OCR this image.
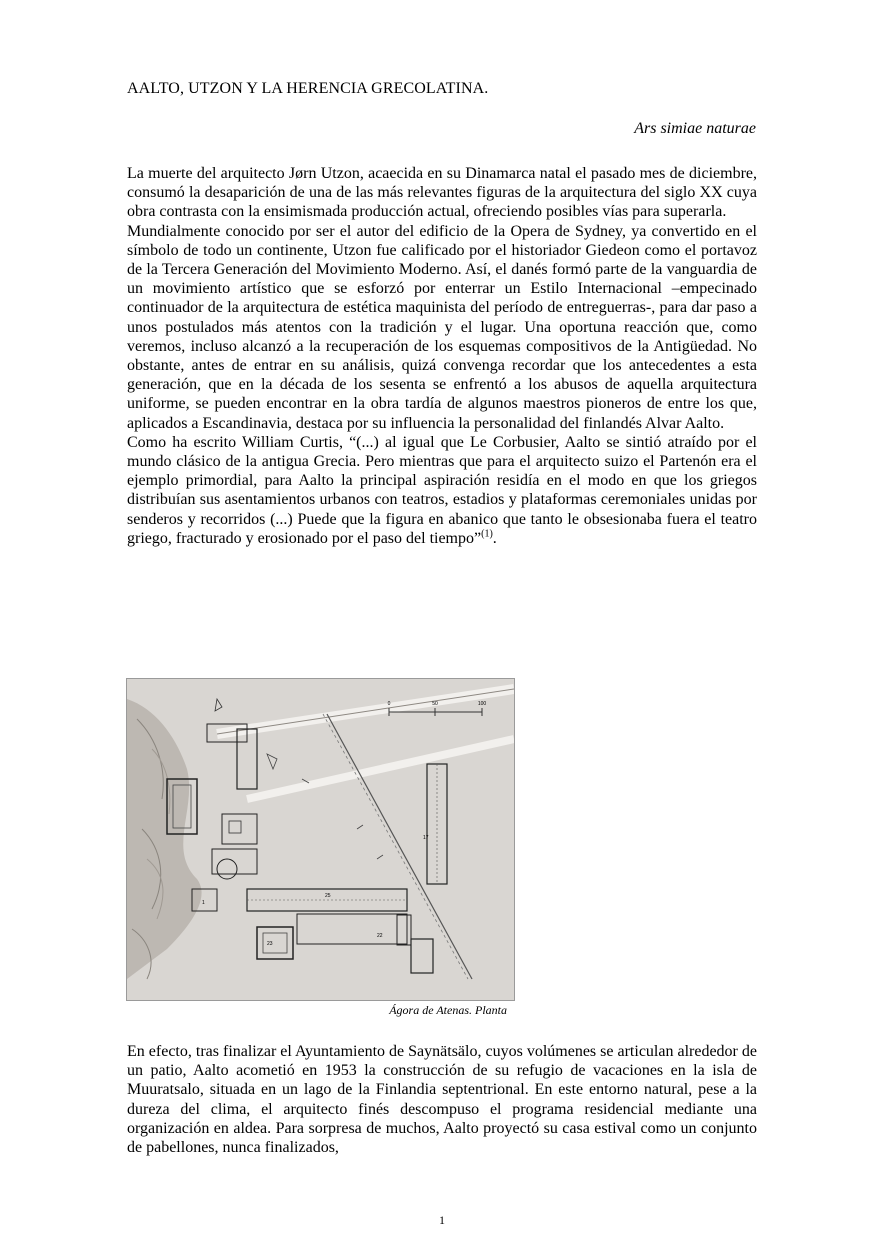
AALTO, UTZON Y LA HERENCIA GRECOLATINA.
Ars simiae naturae

La muerte del arquitecto Jørn Utzon, acaecida en su Dinamarca natal el pasado mes de diciembre, consumó la desaparición de una de las más relevantes figuras de la arquitectura del siglo XX cuya obra contrasta con la ensimismada producción actual, ofreciendo posibles vías para superarla.

Mundialmente conocido por ser el autor del edificio de la Opera de Sydney, ya convertido en el símbolo de todo un continente, Utzon fue calificado por el historiador Giedeon como el portavoz de la Tercera Generación del Movimiento Moderno. Así, el danés formó parte de la vanguardia de un movimiento artístico que se esforzó por enterrar un Estilo Internacional –empecinado continuador de la arquitectura de estética maquinista del período de entreguerras-, para dar paso a unos postulados más atentos con la tradición y el lugar. Una oportuna reacción que, como veremos, incluso alcanzó a la recuperación de los esquemas compositivos de la Antigüedad. No obstante, antes de entrar en su análisis, quizá convenga recordar que los antecedentes a esta generación, que en la década de los sesenta se enfrentó a los abusos de aquella arquitectura uniforme, se pueden encontrar en la obra tardía de algunos maestros pioneros de entre los que, aplicados a Escandinavia, destaca por su influencia la personalidad del finlandés Alvar Aalto.

Como ha escrito William Curtis, “(...) al igual que Le Corbusier, Aalto se sintió atraído por el mundo clásico de la antigua Grecia. Pero mientras que para el arquitecto suizo el Partenón era el ejemplo primordial, para Aalto la principal aspiración residía en el modo en que los griegos distribuían sus asentamientos urbanos con teatros, estadios y plataformas ceremoniales unidas por senderos y recorridos (...) Puede que la figura en abanico que tanto le obsesionaba fuera el teatro griego, fracturado y erosionado por el paso del tiempo”$^{(1)}$.

0	50	100
1
17
25
23
22
Ágora de Atenas. Planta

En efecto, tras finalizar el Ayuntamiento de Saynätsälo, cuyos volúmenes se articulan alrededor de un patio, Aalto acometió en 1953 la construcción de su refugio de vacaciones en la isla de Muuratsalo, situada en un lago de la Finlandia septentrional. En este entorno natural, pese a la dureza del clima, el arquitecto finés descompuso el programa residencial mediante una organización en aldea. Para sorpresa de muchos, Aalto proyectó su casa estival como un conjunto de pabellones, nunca finalizados,

1
